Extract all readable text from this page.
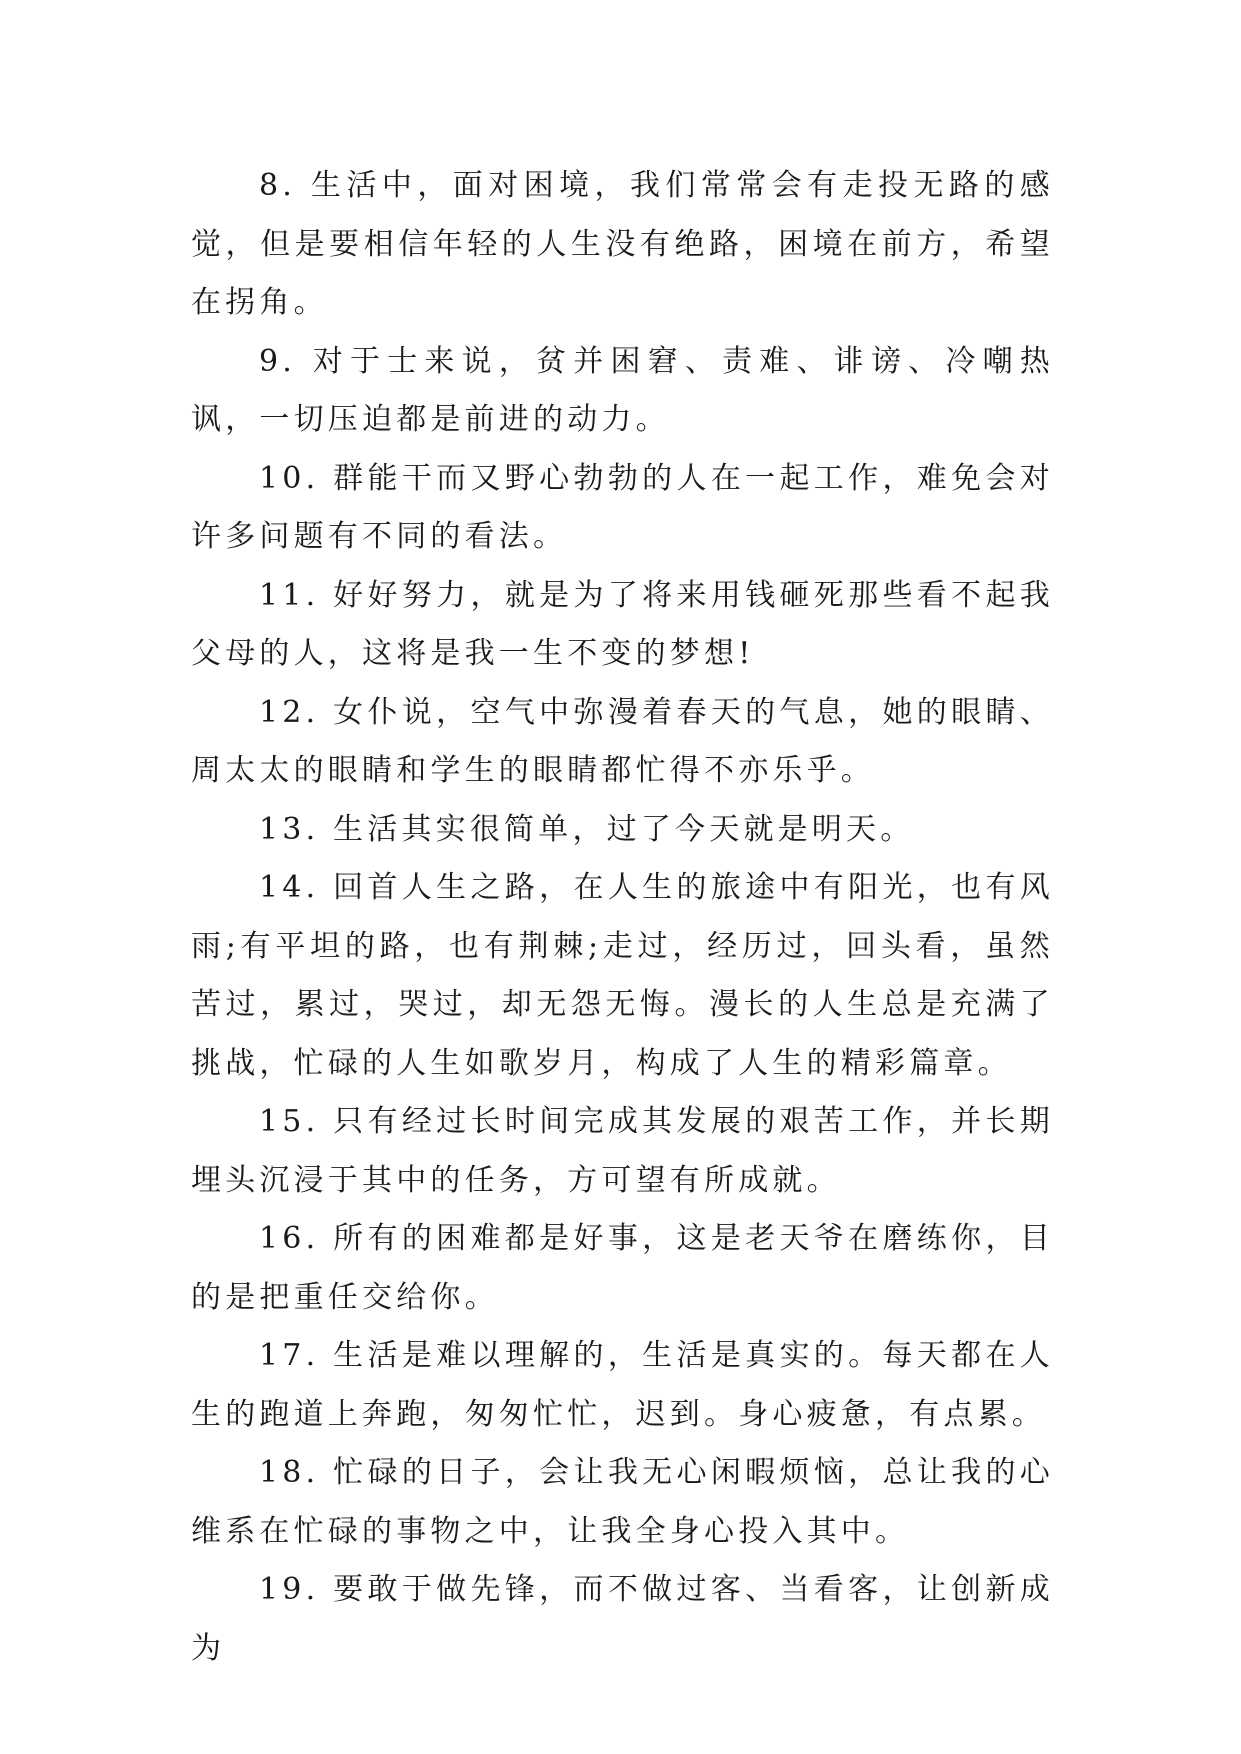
8. 生活中，面对困境，我们常常会有走投无路的感觉，但是要相信年轻的人生没有绝路，困境在前方，希望在拐角。

9. 对于士来说，贫并困窘、责难、诽谤、冷嘲热讽，一切压迫都是前进的动力。

10. 群能干而又野心勃勃的人在一起工作，难免会对许多问题有不同的看法。

11. 好好努力，就是为了将来用钱砸死那些看不起我父母的人，这将是我一生不变的梦想!

12. 女仆说，空气中弥漫着春天的气息，她的眼睛、周太太的眼睛和学生的眼睛都忙得不亦乐乎。

13. 生活其实很简单，过了今天就是明天。

14. 回首人生之路，在人生的旅途中有阳光，也有风雨;有平坦的路，也有荆棘;走过，经历过，回头看，虽然苦过，累过，哭过，却无怨无悔。漫长的人生总是充满了挑战，忙碌的人生如歌岁月，构成了人生的精彩篇章。

15. 只有经过长时间完成其发展的艰苦工作，并长期埋头沉浸于其中的任务，方可望有所成就。

16. 所有的困难都是好事，这是老天爷在磨练你，目的是把重任交给你。

17. 生活是难以理解的，生活是真实的。每天都在人生的跑道上奔跑，匆匆忙忙，迟到。身心疲惫，有点累。

18. 忙碌的日子，会让我无心闲暇烦恼，总让我的心维系在忙碌的事物之中，让我全身心投入其中。

19. 要敢于做先锋，而不做过客、当看客，让创新成为
